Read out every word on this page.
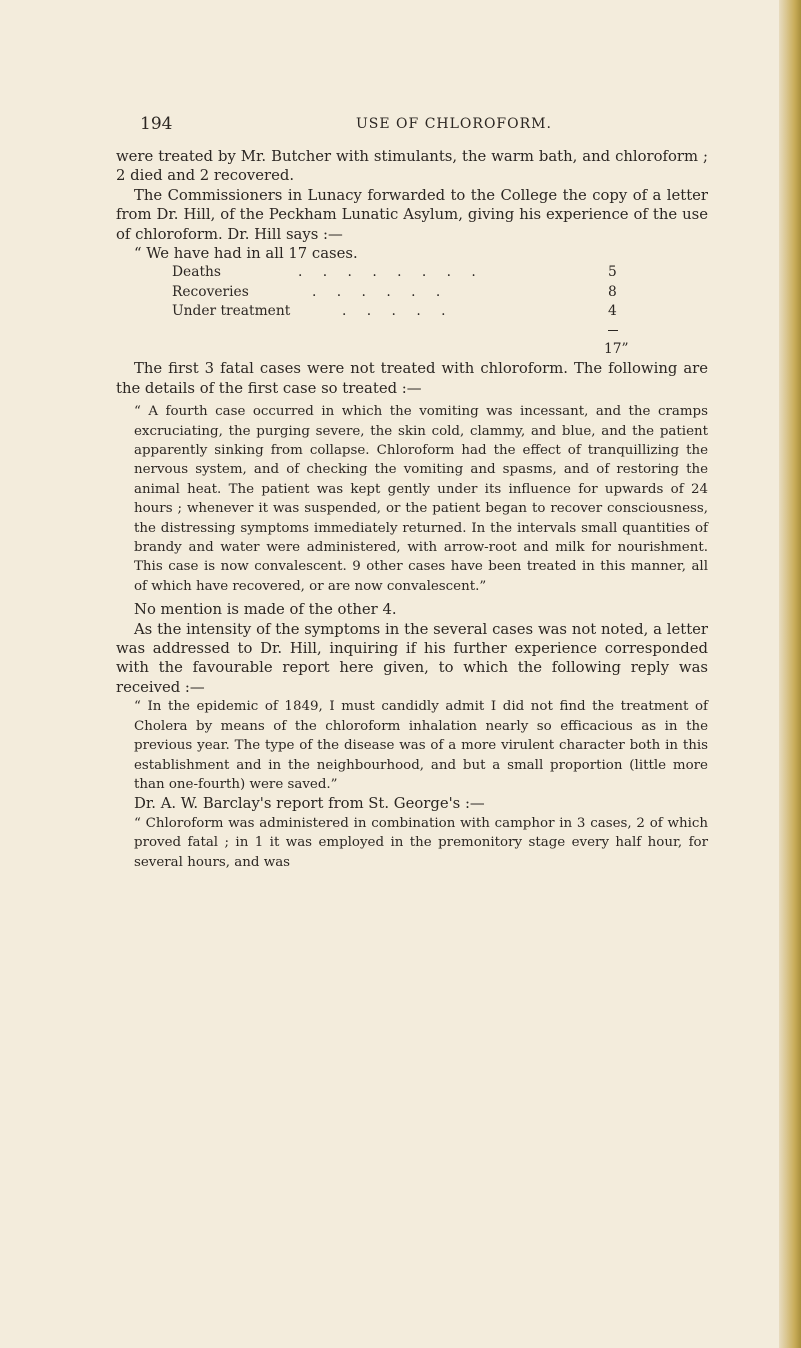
194	USE OF CHLOROFORM.

were treated by Mr. Butcher with stimulants, the warm bath, and chloroform ; 2 died and 2 recovered.

The Commissioners in Lunacy forwarded to the College the copy of a letter from Dr. Hill, of the Peckham Lunatic Asylum, giving his experience of the use of chloroform. Dr. Hill says :—

“ We have had in all 17 cases.

Deaths	. . . . . . . .	5
Recoveries	. . . . . .	8
Under treatment	. . . . .	4
17”

The first 3 fatal cases were not treated with chloroform. The following are the details of the first case so treated :—

“ A fourth case occurred in which the vomiting was incessant, and the cramps excruciating, the purging severe, the skin cold, clammy, and blue, and the patient apparently sinking from collapse. Chloroform had the effect of tranquillizing the nervous system, and of checking the vomiting and spasms, and of restoring the animal heat. The patient was kept gently under its influence for upwards of 24 hours ; whenever it was suspended, or the patient began to recover consciousness, the distressing symptoms immediately returned. In the intervals small quantities of brandy and water were administered, with arrow-root and milk for nourishment. This case is now convalescent. 9 other cases have been treated in this manner, all of which have recovered, or are now convalescent.”

No mention is made of the other 4.

As the intensity of the symptoms in the several cases was not noted, a letter was addressed to Dr. Hill, inquiring if his further experience corresponded with the favourable report here given, to which the following reply was received :—

“ In the epidemic of 1849, I must candidly admit I did not find the treatment of Cholera by means of the chloroform inhalation nearly so efficacious as in the previous year. The type of the disease was of a more virulent character both in this establishment and in the neighbourhood, and but a small proportion (little more than one-fourth) were saved.”

Dr. A. W. Barclay's report from St. George's :—

“ Chloroform was administered in combination with camphor in 3 cases, 2 of which proved fatal ; in 1 it was employed in the premonitory stage every half hour, for several hours, and was
